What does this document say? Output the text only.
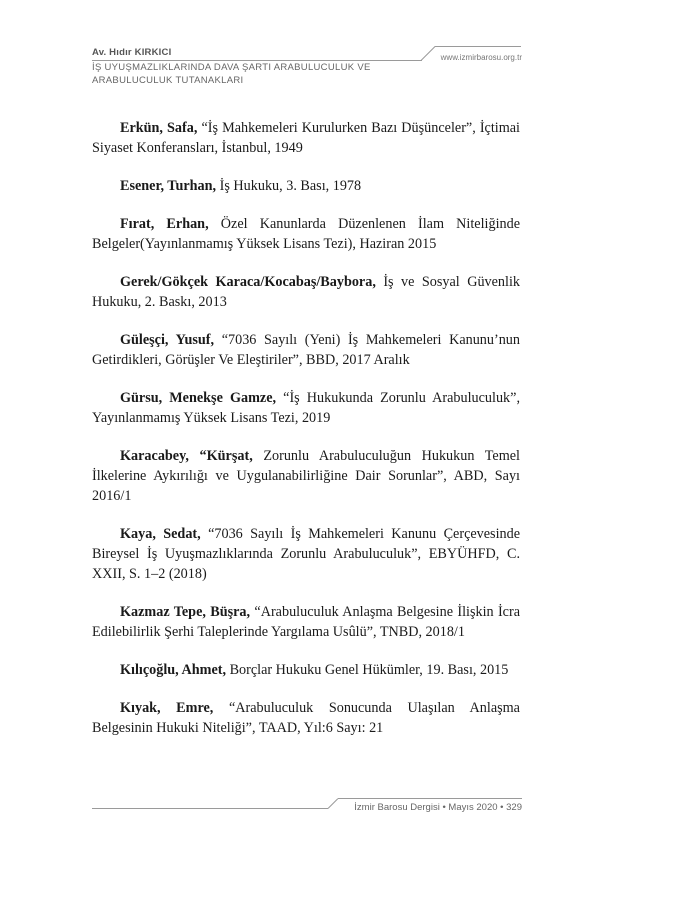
Av. Hıdır KIRKICI	www.izmirbarosu.org.tr
İŞ UYUŞMAZLIKLARINDA DAVA ŞARTI ARABULUCULUK VE ARABULUCULUK TUTANAKLARI

Erkün, Safa, “İş Mahkemeleri Kurulurken Bazı Düşünceler”, İçtimai Siyaset Konferansları, İstanbul, 1949

Esener, Turhan, İş Hukuku, 3. Bası, 1978

Fırat, Erhan, Özel Kanunlarda Düzenlenen İlam Niteliğinde Belgeler(Yayınlanmamış Yüksek Lisans Tezi), Haziran 2015

Gerek/Gökçek Karaca/Kocabaş/Baybora, İş ve Sosyal Güvenlik Hukuku, 2. Baskı, 2013

Güleşçi, Yusuf, “7036 Sayılı (Yeni) İş Mahkemeleri Kanunu’nun Getirdikleri, Görüşler Ve Eleştiriler”, BBD, 2017 Aralık

Gürsu, Menekşe Gamze, “İş Hukukunda Zorunlu Arabuluculuk”, Yayınlanmamış Yüksek Lisans Tezi, 2019

Karacabey, “Kürşat, Zorunlu Arabuluculuğun Hukukun Temel İlkelerine Aykırılığı ve Uygulanabilirliğine Dair Sorunlar”, ABD, Sayı 2016/1

Kaya, Sedat, “7036 Sayılı İş Mahkemeleri Kanunu Çerçevesinde Bireysel İş Uyuşmazlıklarında Zorunlu Arabuluculuk”, EBYÜHFD, C. XXII, S. 1–2 (2018)

Kazmaz Tepe, Büşra, “Arabuluculuk Anlaşma Belgesine İlişkin İcra Edilebilirlik Şerhi Taleplerinde Yargılama Usûlü”, TNBD, 2018/1

Kılıçoğlu, Ahmet, Borçlar Hukuku Genel Hükümler, 19. Bası, 2015

Kıyak, Emre, “Arabuluculuk Sonucunda Ulaşılan Anlaşma Belgesinin Hukuki Niteliği”, TAAD, Yıl:6 Sayı: 21

İzmir Barosu Dergisi • Mayıs 2020 • 329
